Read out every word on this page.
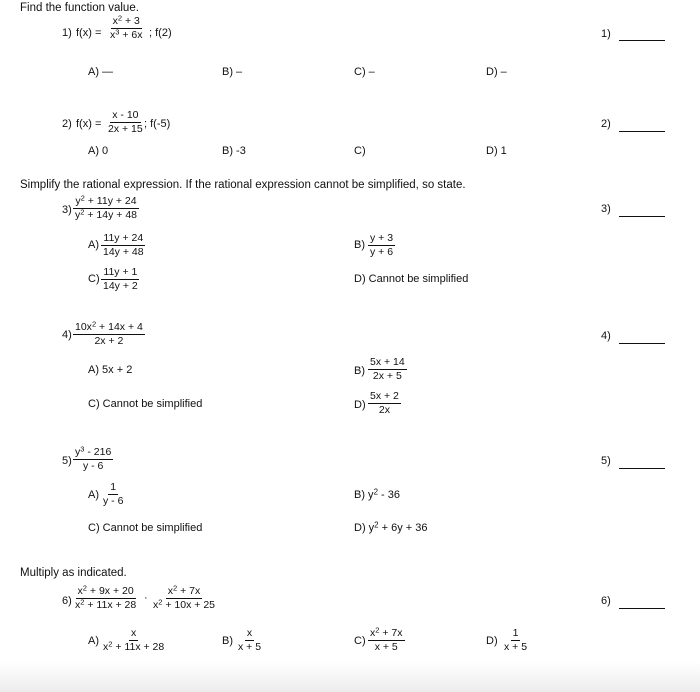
Find the function value.
1) $f(x) = \frac{x^2 + 3}{x^3 + 6x}$ ; f(2)
A) —	B) –	C) –	D) –
1)
2) $f(x) = \frac{x - 10}{2x + 15}$ ; f(-5)
A) 0	B) -3	C)	D) 1
2)
Simplify the rational expression. If the rational expression cannot be simplified, so state.
$3) \frac{y^2 + 11y + 24}{y^2 + 14y + 48}$
$A) \frac{11y + 24}{14y + 48}$	$B) \frac{y + 3}{y + 6}$
$C) \frac{11y + 1}{14y + 2}$	D) Cannot be simplified
3)
$4) \frac{10x^2 + 14x + 4}{2x + 2}$
A) 5x + 2	$B) \frac{5x + 14}{2x + 5}$
C) Cannot be simplified	$D) \frac{5x + 2}{2x}$
4)
$5) \frac{y^3 - 216}{y - 6}$
$A) \frac{1}{y - 6}$	B) $y^2 - 36$
C) Cannot be simplified	D) $y^2 + 6y + 36$
5)
Multiply as indicated.
$6) \frac{x^2 + 9x + 20}{x^2 + 11x + 28} \cdot \frac{x^2 + 7x}{x^2 + 10x + 25}$
$A) \frac{x}{x^2 + 11x + 28}$	$B) \frac{x}{x + 5}$	$C) \frac{x^2 + 7x}{x + 5}$	$D) \frac{1}{x + 5}$
6)
